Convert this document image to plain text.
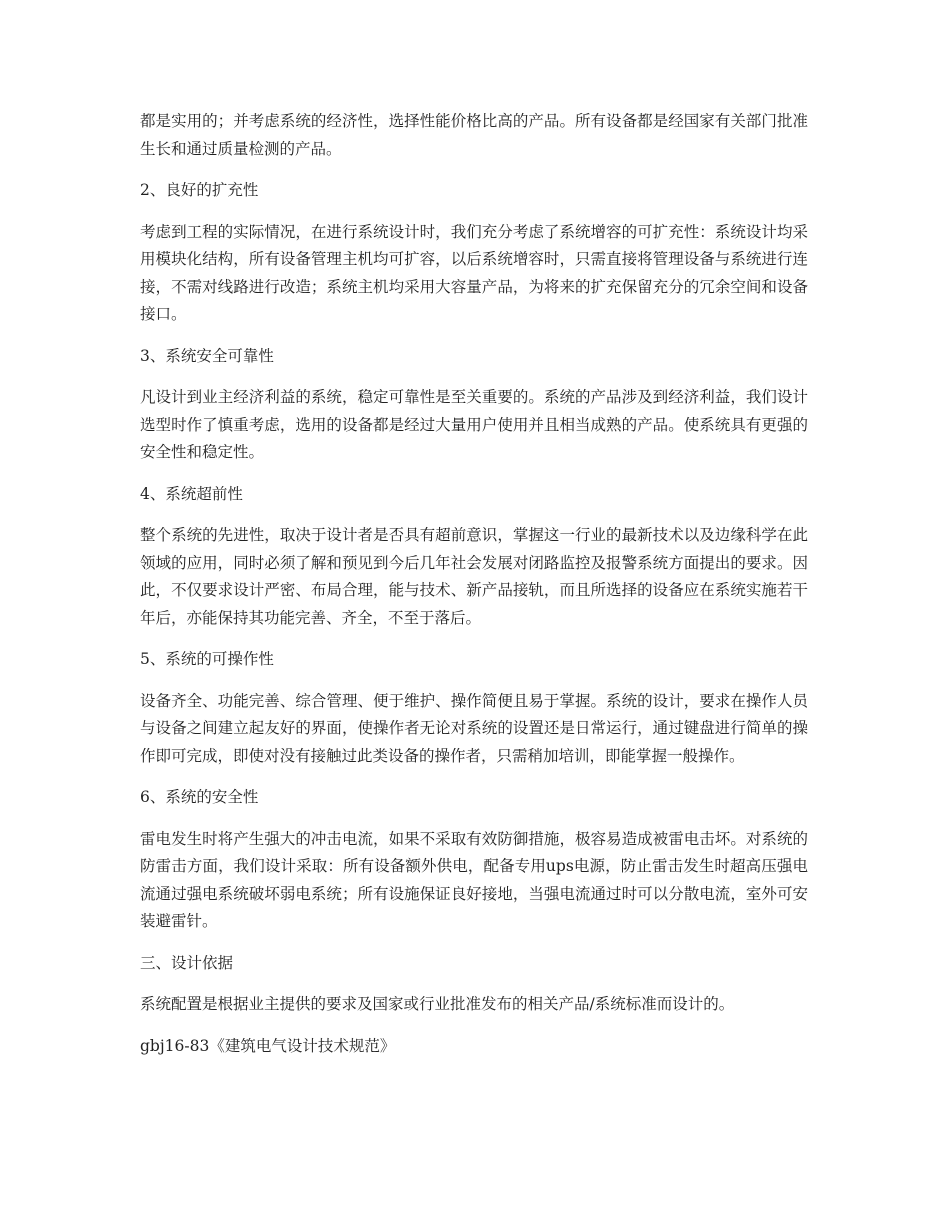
都是实用的；并考虑系统的经济性，选择性能价格比高的产品。所有设备都是经国家有关部门批准生长和通过质量检测的产品。

2、良好的扩充性

考虑到工程的实际情况，在进行系统设计时，我们充分考虑了系统增容的可扩充性：系统设计均采用模块化结构，所有设备管理主机均可扩容，以后系统增容时，只需直接将管理设备与系统进行连接，不需对线路进行改造；系统主机均采用大容量产品，为将来的扩充保留充分的冗余空间和设备接口。

3、系统安全可靠性

凡设计到业主经济利益的系统，稳定可靠性是至关重要的。系统的产品涉及到经济利益，我们设计选型时作了慎重考虑，选用的设备都是经过大量用户使用并且相当成熟的产品。使系统具有更强的安全性和稳定性。

4、系统超前性

整个系统的先进性，取决于设计者是否具有超前意识，掌握这一行业的最新技术以及边缘科学在此领域的应用，同时必须了解和预见到今后几年社会发展对闭路监控及报警系统方面提出的要求。因此，不仅要求设计严密、布局合理，能与技术、新产品接轨，而且所选择的设备应在系统实施若干年后，亦能保持其功能完善、齐全，不至于落后。

5、系统的可操作性

设备齐全、功能完善、综合管理、便于维护、操作简便且易于掌握。系统的设计，要求在操作人员与设备之间建立起友好的界面，使操作者无论对系统的设置还是日常运行，通过键盘进行简单的操作即可完成，即使对没有接触过此类设备的操作者，只需稍加培训，即能掌握一般操作。

6、系统的安全性

雷电发生时将产生强大的冲击电流，如果不采取有效防御措施，极容易造成被雷电击坏。对系统的防雷击方面，我们设计采取：所有设备额外供电，配备专用ups电源，防止雷击发生时超高压强电流通过强电系统破坏弱电系统；所有设施保证良好接地，当强电流通过时可以分散电流，室外可安装避雷针。

三、设计依据

系统配置是根据业主提供的要求及国家或行业批准发布的相关产品/系统标准而设计的。

gbj16-83《建筑电气设计技术规范》
